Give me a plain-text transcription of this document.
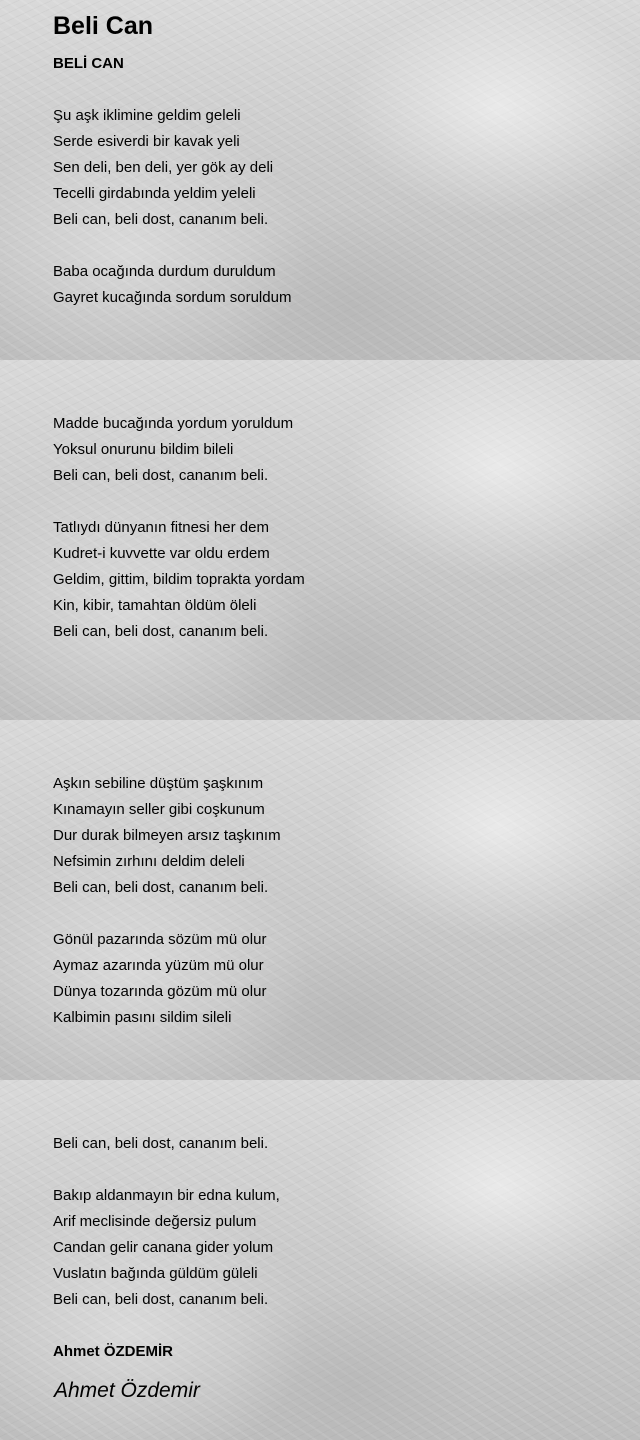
Beli Can
BELİ CAN
Şu aşk iklimine geldim geleli
Serde esiverdi bir kavak yeli
Sen deli, ben deli, yer gök ay deli
Tecelli girdabında yeldim yeleli
Beli can, beli dost, cananım beli.
Baba ocağında durdum duruldum
Gayret kucağında sordum soruldum
Madde bucağında yordum yoruldum
Yoksul onurunu bildim bileli
Beli can, beli dost, cananım beli.
Tatlıydı dünyanın fitnesi her dem
Kudret-i kuvvette var oldu erdem
Geldim, gittim, bildim toprakta yordam
Kin, kibir, tamahtan öldüm öleli
Beli can, beli dost, cananım beli.
Aşkın sebiline düştüm şaşkınım
Kınamayın seller gibi coşkunum
Dur durak bilmeyen arsız taşkınım
Nefsimin zırhını deldim deleli
Beli can, beli dost, cananım beli.
Gönül pazarında sözüm mü olur
Aymaz azarında yüzüm mü olur
Dünya tozarında gözüm mü olur
Kalbimin pasını sildim sileli
Beli can, beli dost, cananım beli.
Bakıp aldanmayın bir edna kulum,
Arif meclisinde değersiz pulum
Candan gelir canana gider yolum
Vuslatın bağında güldüm güleli
Beli can, beli dost, cananım beli.
Ahmet ÖZDEMİR
Ahmet Özdemir
